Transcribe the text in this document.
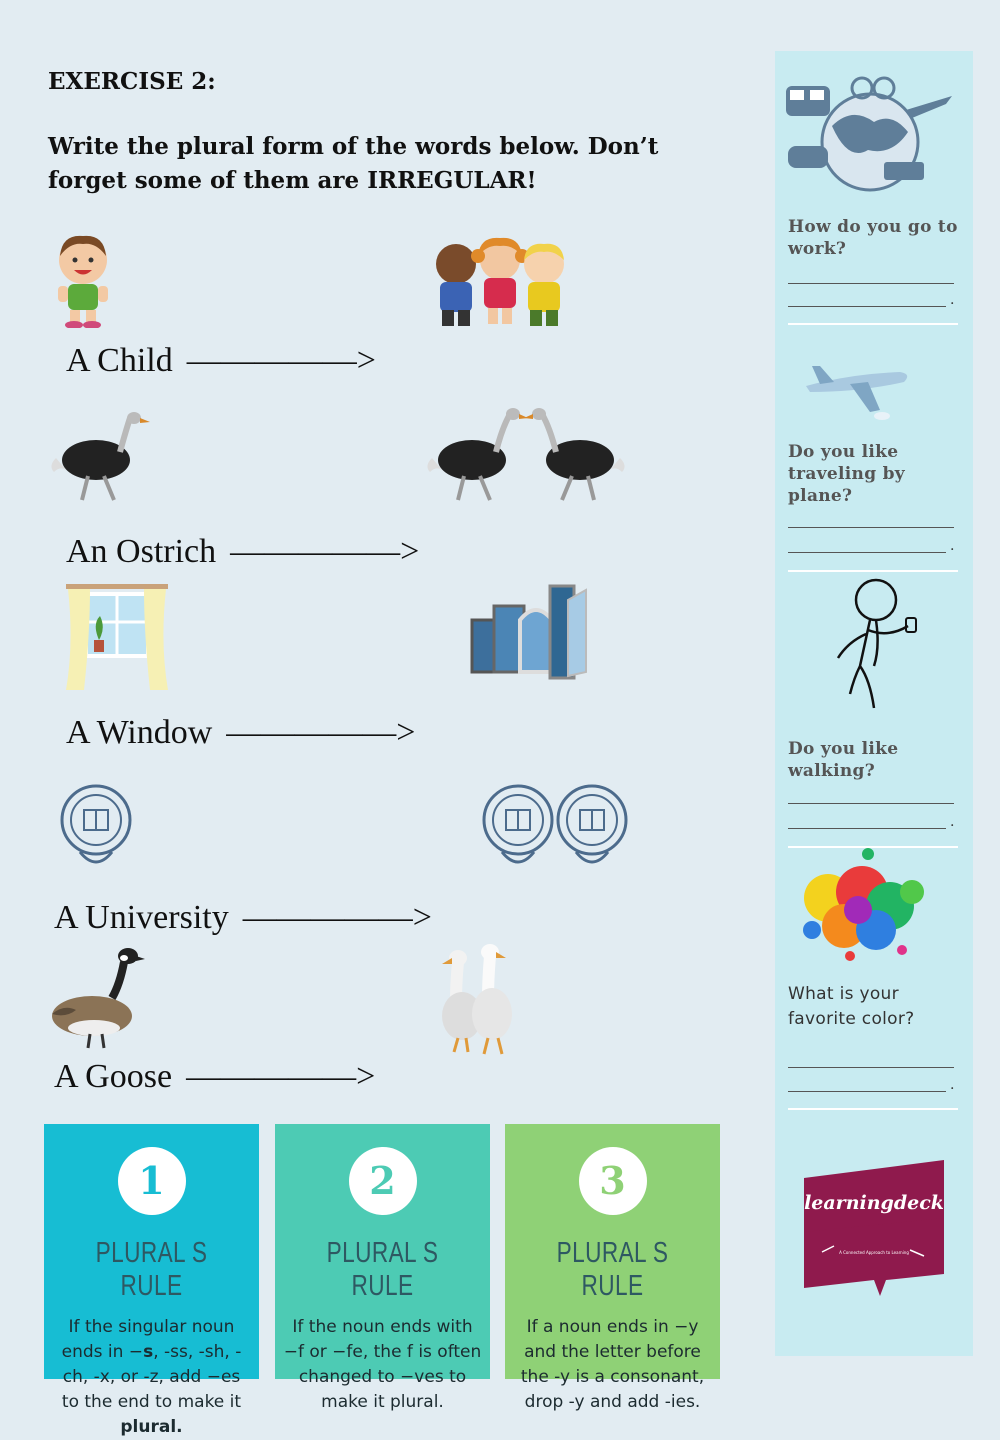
EXERCISE 2:
Write the plural form of the words below. Don’t forget some of them are IRREGULAR!
A Child —————>
An Ostrich —————>
A Window —————>
A University —————>
A Goose —————>
1
PLURAL S RULE
If the singular noun ends in −s, -ss, -sh, -ch, -x, or -z, add −es to the end to make it plural.
2
PLURAL S RULE
If the noun ends with −f or −fe, the f is often changed to −ves to make it plural.
3
PLURAL S RULE
If a noun ends in −y and the letter before the -y is a consonant, drop -y and add -ies.
How do you go to work?
.
Do you like traveling by plane?
.
Do you like walking?
.
What is your favorite color?
.
learningdeck
A Connected Approach to Learning
